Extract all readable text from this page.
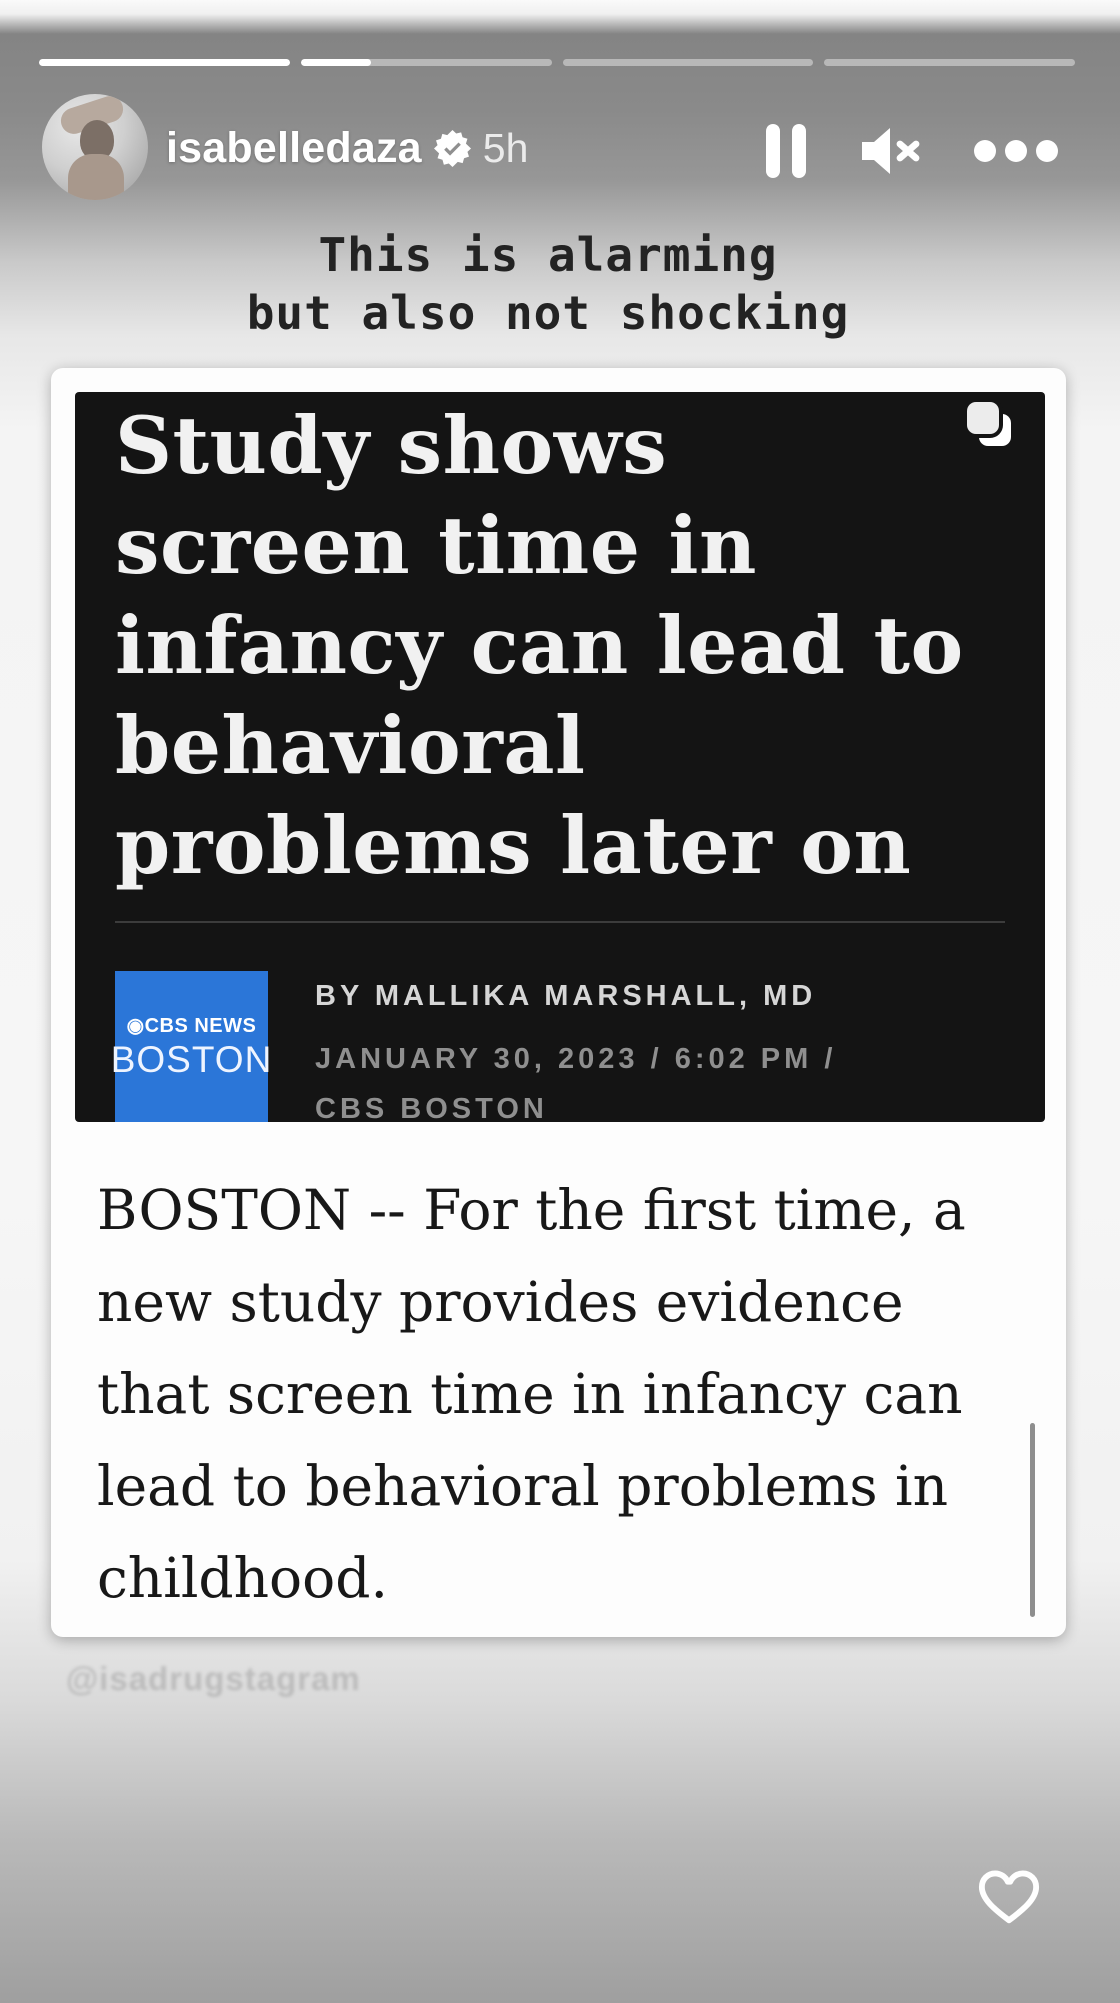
isabelledaza 5h
This is alarming
but also not shocking
Study shows
screen time in
infancy can lead to
behavioral
problems later on
◉CBS NEWS
BOSTON
BY MALLIKA MARSHALL, MD
JANUARY 30, 2023 / 6:02 PM /
CBS BOSTON
BOSTON -- For the first time, a
new study provides evidence
that screen time in infancy can
lead to behavioral problems in
childhood.
@isadrugstagram
